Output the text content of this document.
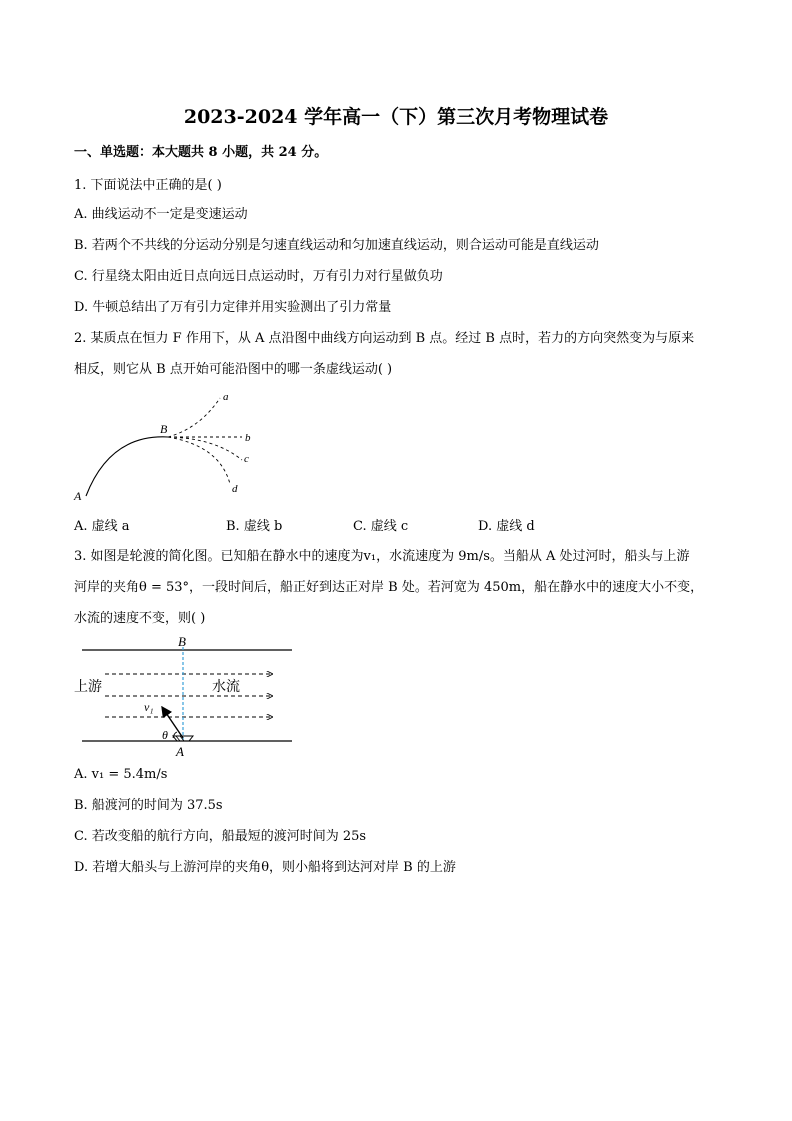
2023-2024 学年高一（下）第三次月考物理试卷
一、单选题：本大题共 8 小题，共 24 分。
1. 下面说法中正确的是( )
A. 曲线运动不一定是变速运动
B. 若两个不共线的分运动分别是匀速直线运动和匀加速直线运动，则合运动可能是直线运动
C. 行星绕太阳由近日点向远日点运动时，万有引力对行星做负功
D. 牛顿总结出了万有引力定律并用实验测出了引力常量
2. 某质点在恒力 F 作用下，从 A 点沿图中曲线方向运动到 B 点。经过 B 点时，若力的方向突然变为与原来
相反，则它从 B 点开始可能沿图中的哪一条虚线运动( )
A
B
a
b
c
d
A. 虚线 a	B. 虚线 b	C. 虚线 c	D. 虚线 d
3. 如图是轮渡的简化图。已知船在静水中的速度为v₁，水流速度为 9m/s。当船从 A 处过河时，船头与上游
河岸的夹角θ = 53°，一段时间后，船正好到达正对岸 B 处。若河宽为 450m，船在静水中的速度大小不变，
水流的速度不变，则( )
B
A
上游	水流
v₁
θ
A. v₁ = 5.4m/s
B. 船渡河的时间为 37.5s
C. 若改变船的航行方向，船最短的渡河时间为 25s
D. 若增大船头与上游河岸的夹角θ，则小船将到达河对岸 B 的上游
